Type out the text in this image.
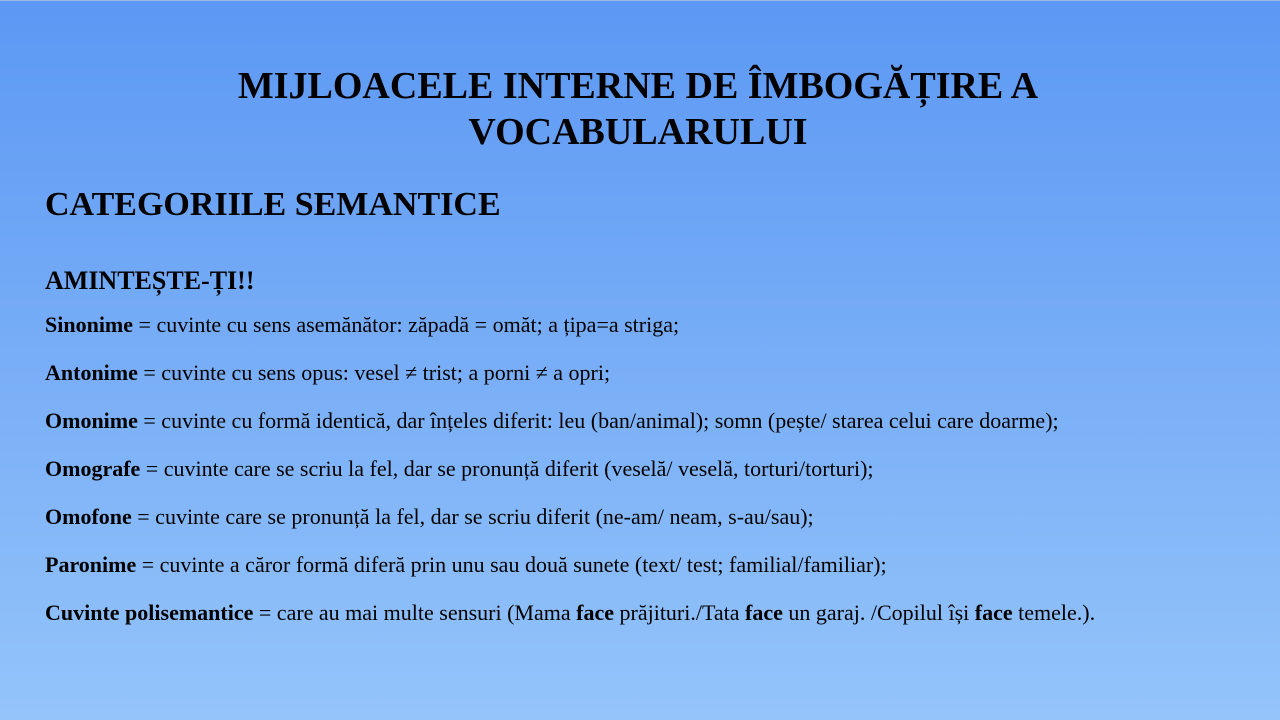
MIJLOACELE INTERNE DE ÎMBOGĂȚIRE A VOCABULARULUI
CATEGORIILE SEMANTICE

AMINTEȘTE-ȚI!!

Sinonime = cuvinte cu sens asemănător: zăpadă = omăt; a țipa=a striga;

Antonime = cuvinte cu sens opus: vesel ≠ trist; a porni ≠ a opri;

Omonime = cuvinte cu formă identică, dar înțeles diferit: leu (ban/animal); somn (pește/ starea celui care doarme);

Omografe = cuvinte care se scriu la fel, dar se pronunță diferit (veselă/ veselă, torturi/torturi);

Omofone = cuvinte care se pronunță la fel, dar se scriu diferit (ne-am/ neam, s-au/sau);

Paronime = cuvinte a căror formă diferă prin unu sau două sunete (text/ test; familial/familiar);

Cuvinte polisemantice = care au mai multe sensuri (Mama face prăjituri./Tata face un garaj. /Copilul își face temele.).
